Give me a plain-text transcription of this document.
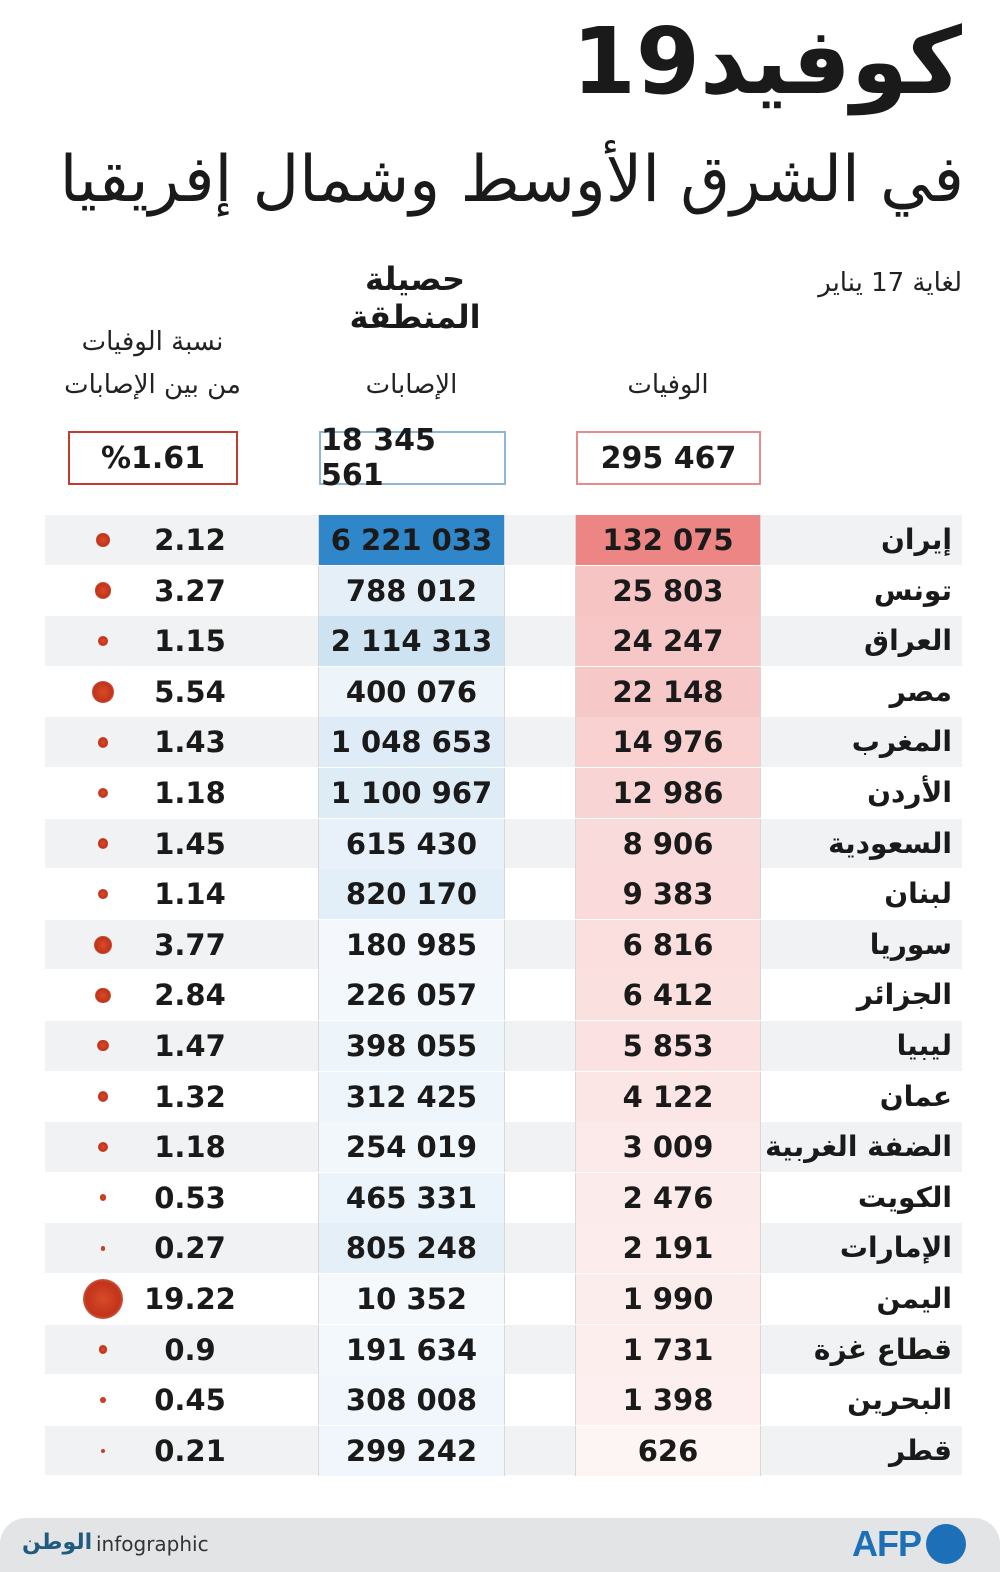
كوفيد19
في الشرق الأوسط وشمال إفريقيا
لغاية 17 يناير
حصيلة المنطقة
الوفيات
الإصابات
نسبة الوفيات
من بين الإصابات
295 467
18 345 561
%1.61
إيران
132 075
6 221 033
2.12
تونس
25 803
788 012
3.27
العراق
24 247
2 114 313
1.15
مصر
22 148
400 076
5.54
المغرب
14 976
1 048 653
1.43
الأردن
12 986
1 100 967
1.18
السعودية
8 906
615 430
1.45
لبنان
9 383
820 170
1.14
سوريا
6 816
180 985
3.77
الجزائر
6 412
226 057
2.84
ليبيا
5 853
398 055
1.47
عمان
4 122
312 425
1.32
الضفة الغربية
3 009
254 019
1.18
الكويت
2 476
465 331
0.53
الإمارات
2 191
805 248
0.27
اليمن
1 990
10 352
19.22
قطاع غزة
1 731
191 634
0.9
البحرين
1 398
308 008
0.45
قطر
626
299 242
0.21
الوطن infographic	AFP
